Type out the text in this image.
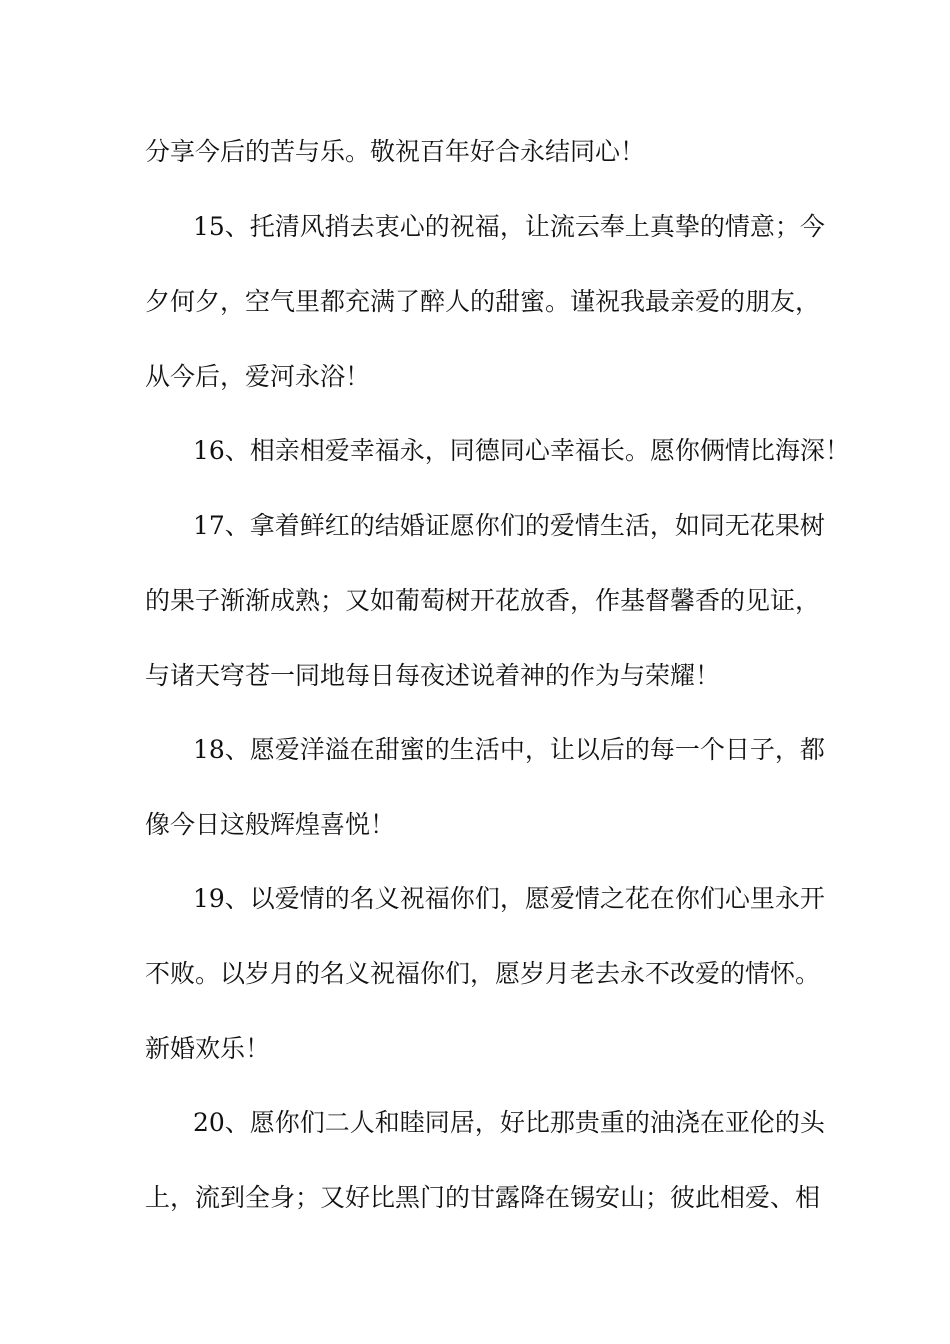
分享今后的苦与乐。敬祝百年好合永结同心！
15、托清风捎去衷心的祝福，让流云奉上真挚的情意；今
夕何夕，空气里都充满了醉人的甜蜜。谨祝我最亲爱的朋友，
从今后，爱河永浴！
16、相亲相爱幸福永，同德同心幸福长。愿你俩情比海深！
17、拿着鲜红的结婚证愿你们的爱情生活，如同无花果树
的果子渐渐成熟；又如葡萄树开花放香，作基督馨香的见证，
与诸天穹苍一同地每日每夜述说着神的作为与荣耀！
18、愿爱洋溢在甜蜜的生活中，让以后的每一个日子，都
像今日这般辉煌喜悦！
19、以爱情的名义祝福你们，愿爱情之花在你们心里永开
不败。以岁月的名义祝福你们，愿岁月老去永不改爱的情怀。
新婚欢乐！
20、愿你们二人和睦同居，好比那贵重的油浇在亚伦的头
上，流到全身；又好比黑门的甘露降在锡安山；彼此相爱、相
